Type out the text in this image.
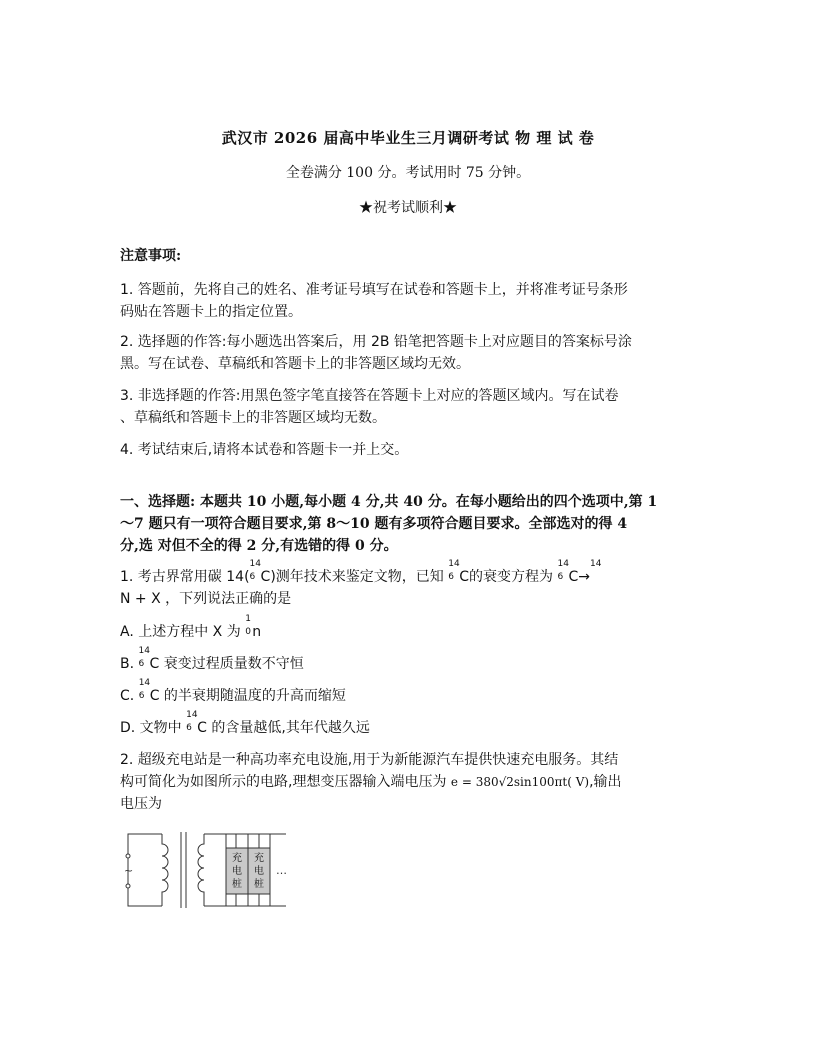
武汉市 2026 届高中毕业生三月调研考试 物 理 试 卷
全卷满分 100 分。考试用时 75 分钟。
★祝考试顺利★
注意事项:
1. 答题前，先将自己的姓名、准考证号填写在试卷和答题卡上，并将准考证号条形
码贴在答题卡上的指定位置。
2. 选择题的作答:每小题选出答案后，用 2B 铅笔把答题卡上对应题目的答案标号涂
黑。写在试卷、草稿纸和答题卡上的非答题区域均无效。
3. 非选择题的作答:用黑色签字笔直接答在答题卡上对应的答题区域内。写在试卷
、草稿纸和答题卡上的非答题区域均无数。
4. 考试结束后,请将本试卷和答题卡一并上交。
一、选择题: 本题共 10 小题,每小题 4 分,共 40 分。在每小题给出的四个选项中,第 1
～7 题只有一项符合题目要求,第 8～10 题有多项符合题目要求。全部选对的得 4
分,选 对但不全的得 2 分,有选错的得 0 分。
1. 考古界常用碳 14(
14
6 C)测年技术来鉴定文物，已知
14
6 C的衰变方程为
14
6 C→
14
N + X ，下列说法正确的是
A. 上述方程中 X 为
1
0 n
B.
14
6 C 衰变过程质量数不守恒
C.
14
6 C 的半衰期随温度的升高而缩短
D. 文物中
14
6 C 的含量越低,其年代越久远
2. 超级充电站是一种高功率充电设施,用于为新能源汽车提供快速充电服务。其结
构可简化为如图所示的电路,理想变压器输入端电压为 e = 380√2sin100πt( V),输出
电压为
~	…
充
电
桩
充
电
桩
